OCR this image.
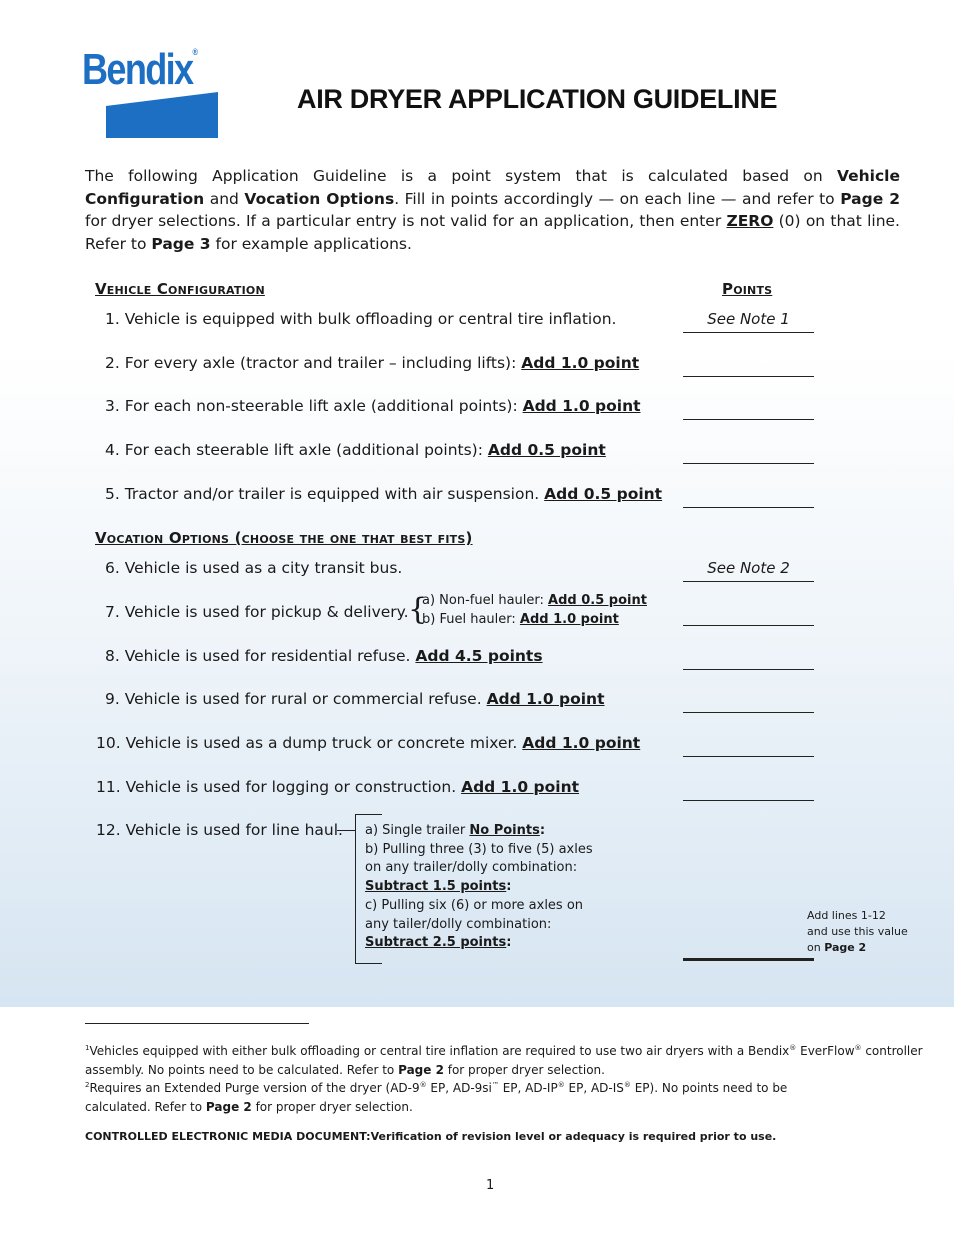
Bendix®
AIR DRYER APPLICATION GUIDELINE
The following Application Guideline is a point system that is calculated based on Vehicle Configuration and Vocation Options. Fill in points accordingly — on each line — and refer to Page 2 for dryer selections. If a particular entry is not valid for an application, then enter ZERO (0) on that line. Refer to Page 3 for example applications.
Vehicle Configuration	Points
1. Vehicle is equipped with bulk offloading or central tire inflation.	See Note 1
2. For every axle (tractor and trailer – including lifts): Add 1.0 point
3. For each non-steerable lift axle (additional points): Add 1.0 point
4. For each steerable lift axle (additional points): Add 0.5 point
5. Tractor and/or trailer is equipped with air suspension. Add 0.5 point
Vocation Options (choose the one that best fits)
6. Vehicle is used as a city transit bus.	See Note 2
7. Vehicle is used for pickup & delivery. {
a) Non-fuel hauler: Add 0.5 point
b) Fuel hauler: Add 1.0 point
8. Vehicle is used for residential refuse. Add 4.5 points
9. Vehicle is used for rural or commercial refuse. Add 1.0 point
10. Vehicle is used as a dump truck or concrete mixer. Add 1.0 point
11. Vehicle is used for logging or construction. Add 1.0 point
12. Vehicle is used for line haul. a) Single trailer No Points:
b) Pulling three (3) to five (5) axles
on any trailer/dolly combination:
Subtract 1.5 points:
c) Pulling six (6) or more axles on
any tailer/dolly combination:
Subtract 2.5 points:
Add lines 1-12
and use this value
on Page 2
$^1$Vehicles equipped with either bulk offloading or central tire inflation are required to use two air dryers with a Bendix® EverFlow® controller
assembly. No points need to be calculated. Refer to Page 2 for proper dryer selection.
$^2$Requires an Extended Purge version of the dryer (AD-9® EP, AD-9si™ EP, AD-IP® EP, AD-IS® EP). No points need to be
calculated. Refer to Page 2 for proper dryer selection.
CONTROLLED ELECTRONIC MEDIA DOCUMENT:Verification of revision level or adequacy is required prior to use.
1
